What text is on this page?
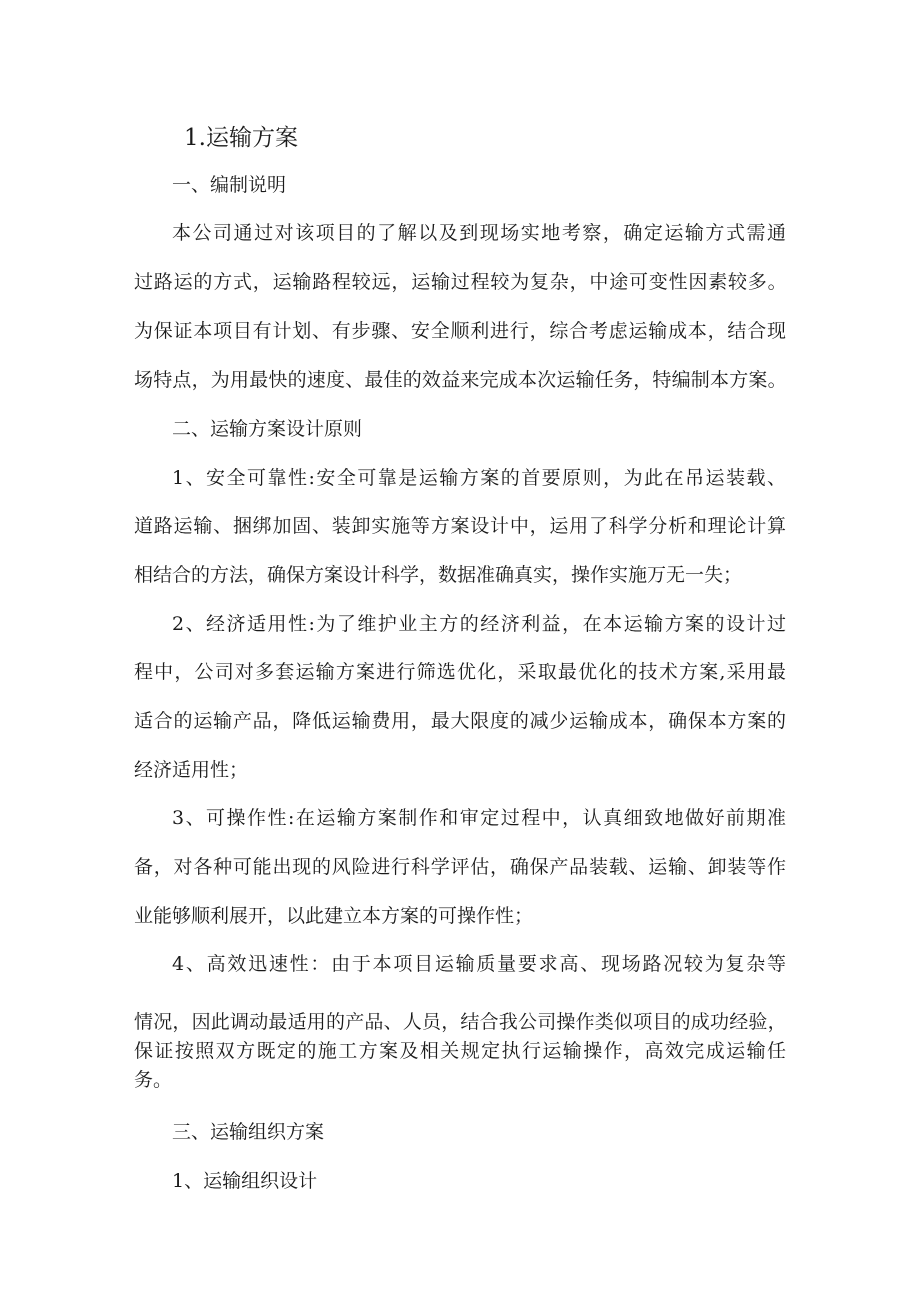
1.运输方案

一、编制说明

本公司通过对该项目的了解以及到现场实地考察，确定运输方式需通

过路运的方式，运输路程较远，运输过程较为复杂，中途可变性因素较多。

为保证本项目有计划、有步骤、安全顺利进行，综合考虑运输成本，结合现

场特点，为用最快的速度、最佳的效益来完成本次运输任务，特编制本方案。

二、运输方案设计原则

1、安全可靠性:安全可靠是运输方案的首要原则，为此在吊运装载、

道路运输、捆绑加固、装卸实施等方案设计中，运用了科学分析和理论计算

相结合的方法，确保方案设计科学，数据准确真实，操作实施万无一失；

2、经济适用性:为了维护业主方的经济利益，在本运输方案的设计过

程中，公司对多套运输方案进行筛选优化，采取最优化的技术方案,采用最

适合的运输产品，降低运输费用，最大限度的减少运输成本，确保本方案的

经济适用性；

3、可操作性:在运输方案制作和审定过程中，认真细致地做好前期准

备，对各种可能出现的风险进行科学评估，确保产品装载、运输、卸装等作

业能够顺利展开，以此建立本方案的可操作性；

4、高效迅速性：由于本项目运输质量要求高、现场路况较为复杂等

情况，因此调动最适用的产品、人员，结合我公司操作类似项目的成功经验，

保证按照双方既定的施工方案及相关规定执行运输操作，高效完成运输任

务。

三、运输组织方案

1、运输组织设计
